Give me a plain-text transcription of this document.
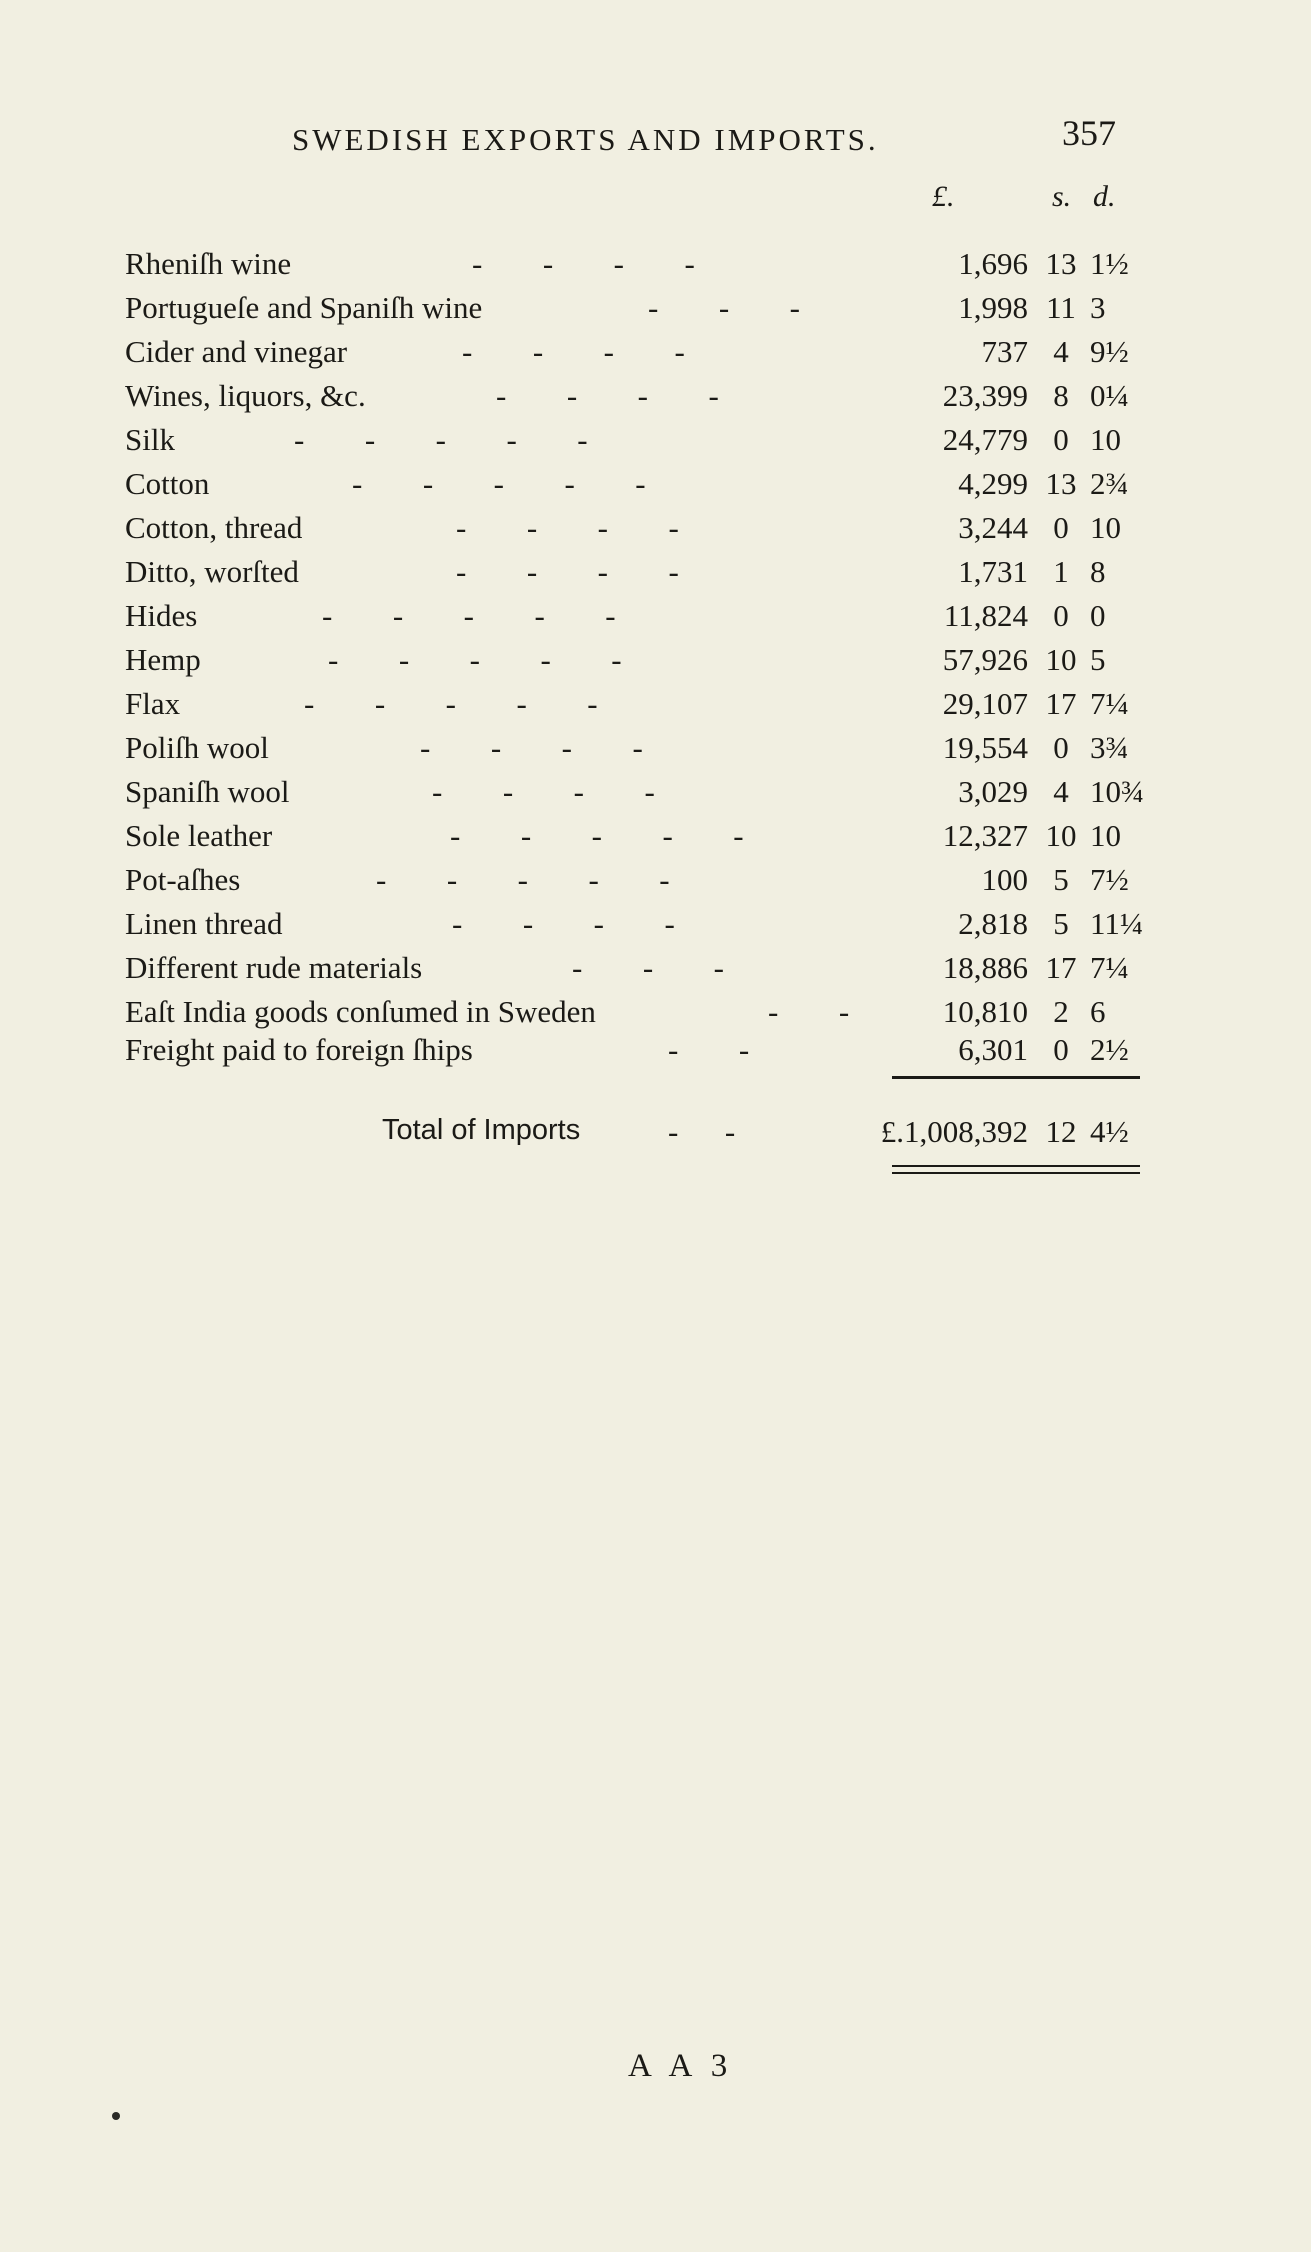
SWEDISH EXPORTS AND IMPORTS.	357
£.	s. d.
Rheniſh wine	-      -      -      -	1,696 13 1½
Portugueſe and Spaniſh wine	-      -      -	1,998 11 3
Cider and vinegar	-      -      -      -	737 4 9½
Wines, liquors, &c.	-      -      -      -	23,399 8 0¼
Silk	-      -      -      -      -	24,779 0 10
Cotton	-      -      -      -      -	4,299 13 2¾
Cotton, thread	-      -      -      -	3,244 0 10
Ditto, worſted	-      -      -      -	1,731 1 8
Hides	-      -      -      -      -	11,824 0 0
Hemp	-      -      -      -      -	57,926 10 5
Flax	-      -      -      -      -	29,107 17 7¼
Poliſh wool	-      -      -      -	19,554 0 3¾
Spaniſh wool	-      -      -      -	3,029 4 10¾
Sole leather	-      -      -      -      -	12,327 10 10
Pot-aſhes	-      -      -      -      -	100 5 7½
Linen thread	-      -      -      -	2,818 5 11¼
Different rude materials	-      -      -	18,886 17 7¼
Eaſt India goods conſumed in Sweden	-      -	10,810 2 6
Freight paid to foreign ſhips	-      -	6,301 0 2½
Total of Imports	-      -	£.1,008,392 12 4½
A A 3
